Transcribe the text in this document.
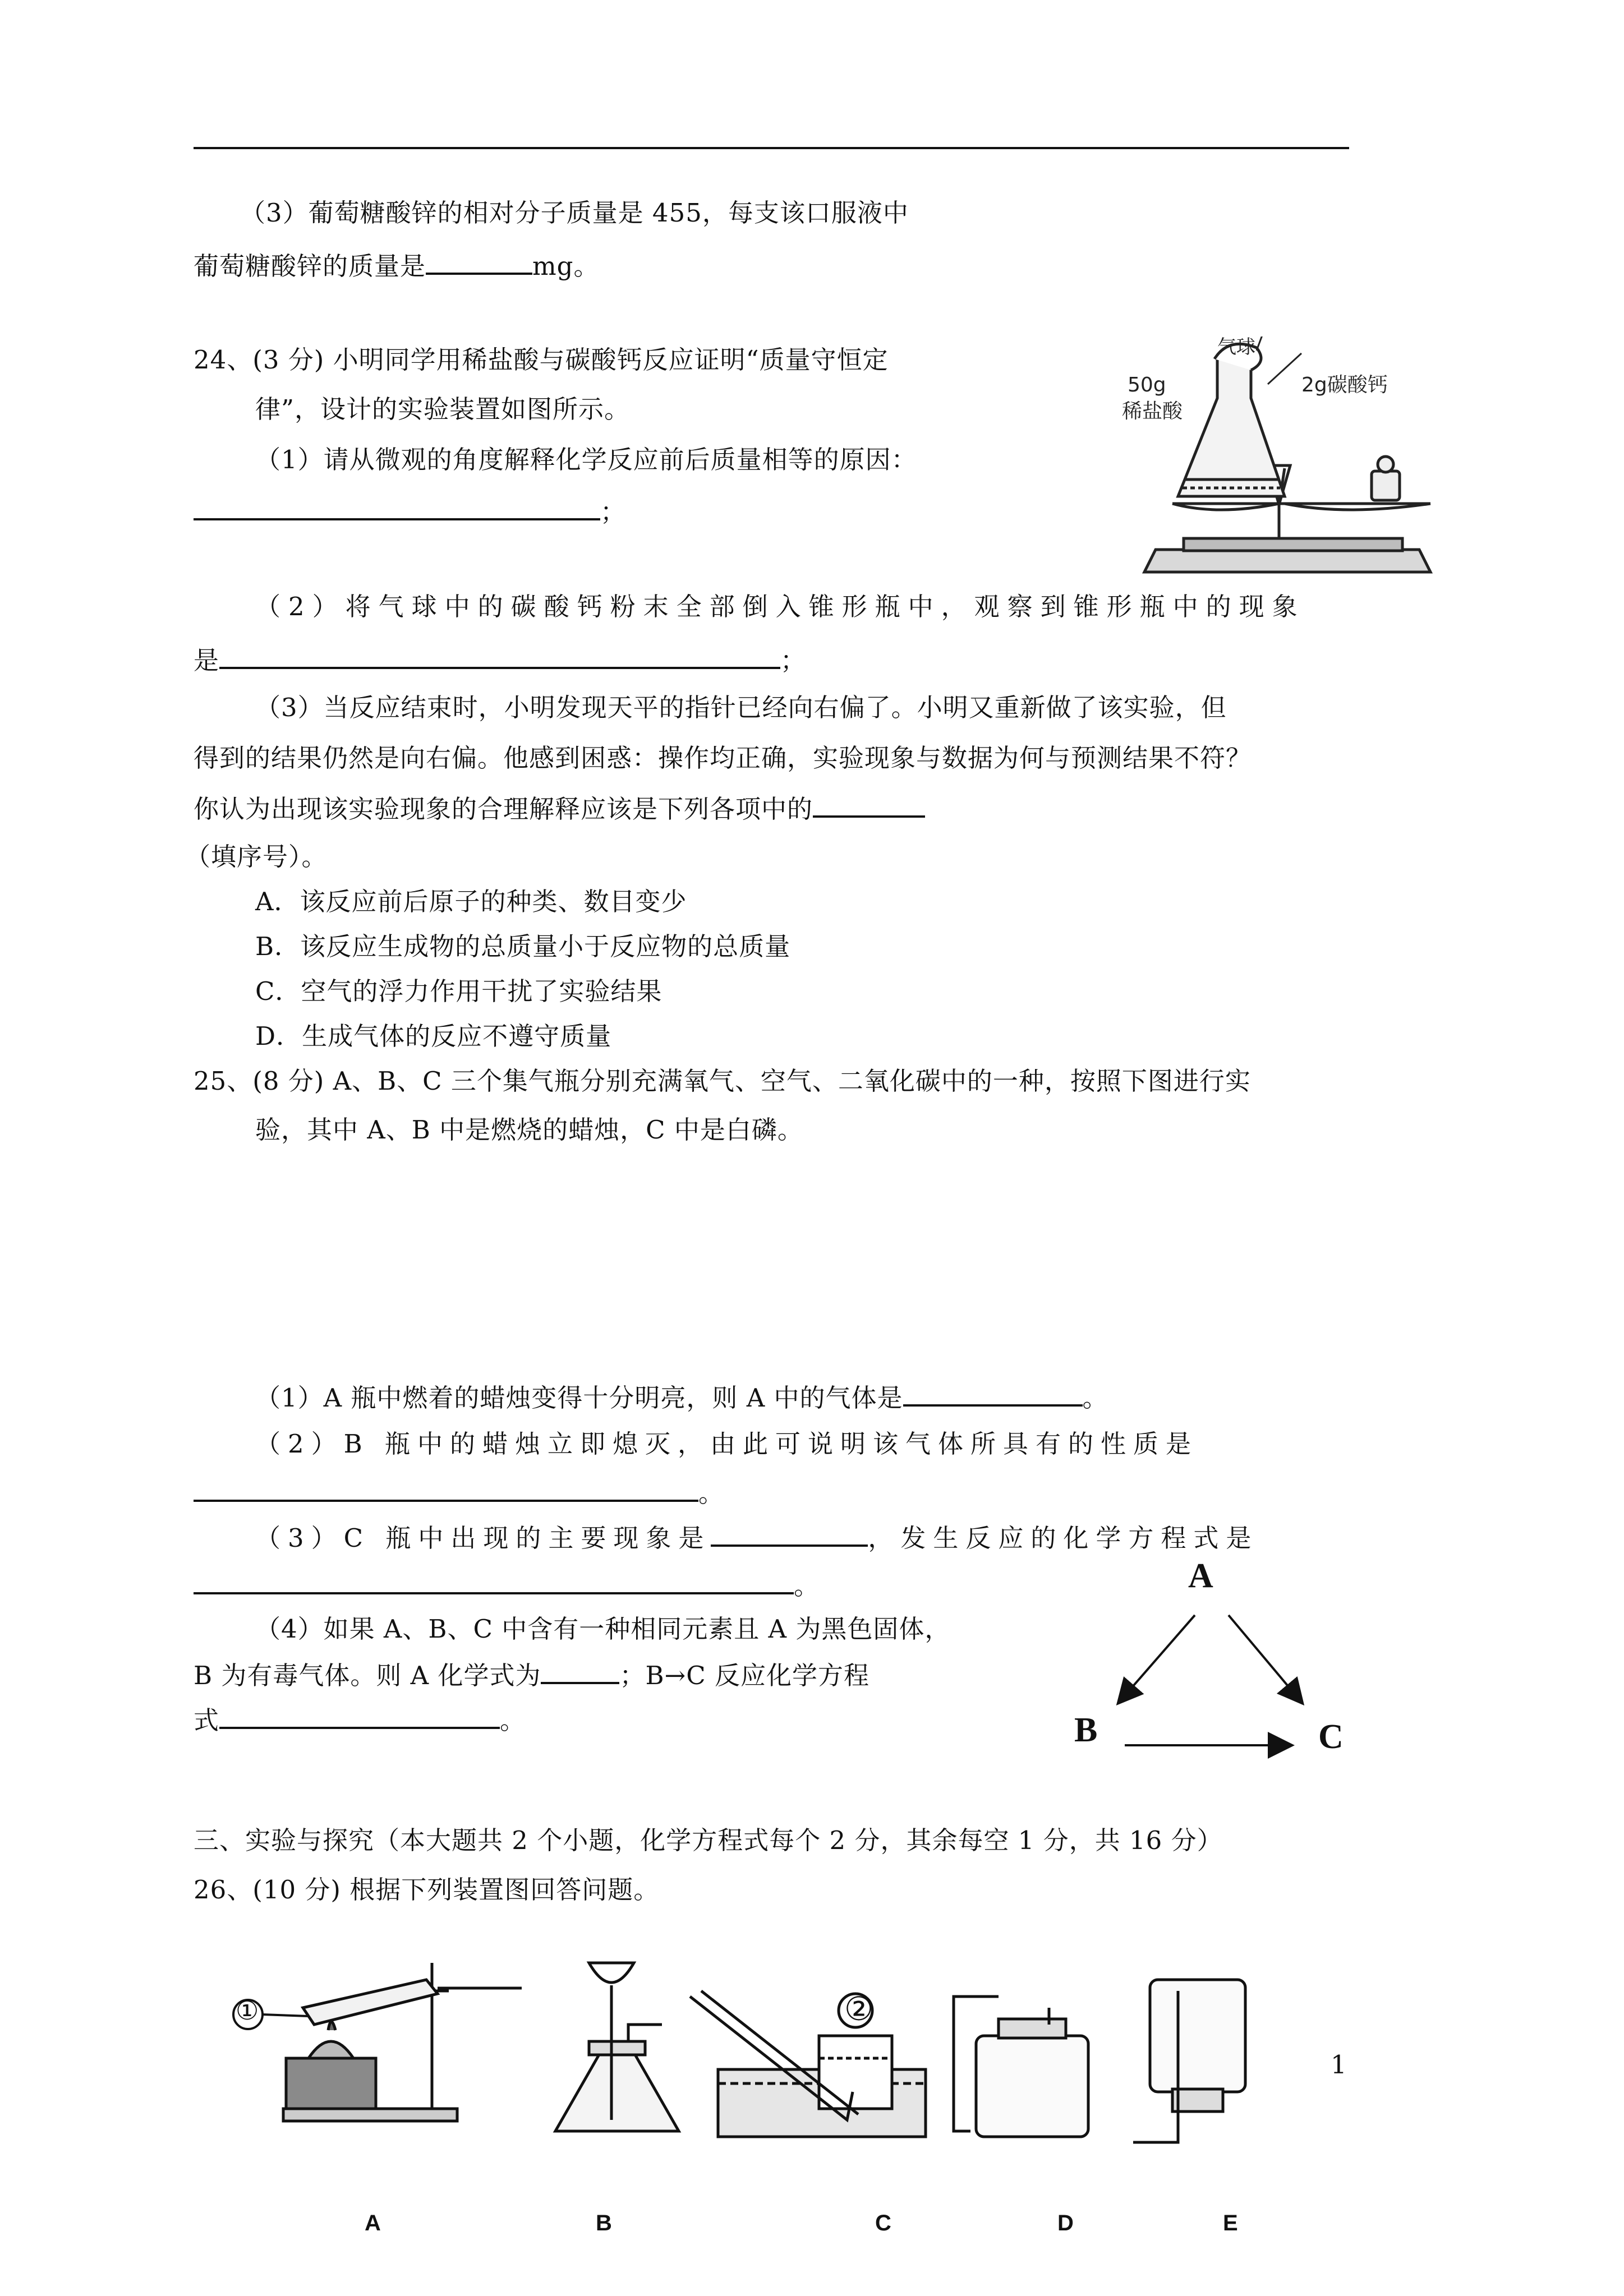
（3）葡萄糖酸锌的相对分子质量是 455，每支该口服液中
葡萄糖酸锌的质量是	mg。
24、(3 分) 小明同学用稀盐酸与碳酸钙反应证明“质量守恒定
律”，设计的实验装置如图所示。
（1）请从微观的角度解释化学反应前后质量相等的原因：
；
气球
50g
稀盐酸
2g碳酸钙
（2）将气球中的碳酸钙粉末全部倒入锥形瓶中，观察到锥形瓶中的现象
是	；
（3）当反应结束时，小明发现天平的指针已经向右偏了。小明又重新做了该实验，但
得到的结果仍然是向右偏。他感到困惑：操作均正确，实验现象与数据为何与预测结果不符？
你认为出现该实验现象的合理解释应该是下列各项中的
（填序号）。
A．该反应前后原子的种类、数目变少
B．该反应生成物的总质量小于反应物的总质量
C．空气的浮力作用干扰了实验结果
D．生成气体的反应不遵守质量
25、(8 分) A、B、C 三个集气瓶分别充满氧气、空气、二氧化碳中的一种，按照下图进行实
验，其中 A、B 中是燃烧的蜡烛，C 中是白磷。
（1）A 瓶中燃着的蜡烛变得十分明亮，则 A 中的气体是	。
（2）B 瓶中的蜡烛立即熄灭，由此可说明该气体所具有的性质是
。
（3）C 瓶中出现的主要现象是	，发生反应的化学方程式是
。
（4）如果 A、B、C 中含有一种相同元素且 A 为黑色固体，
B 为有毒气体。则 A 化学式为	；B→C 反应化学方程
式	。
A
B	C
三、实验与探究（本大题共 2 个小题，化学方程式每个 2 分，其余每空 1 分，共 16 分）
26、(10 分) 根据下列装置图回答问题。
①	②
A	B	C	D	E
1
